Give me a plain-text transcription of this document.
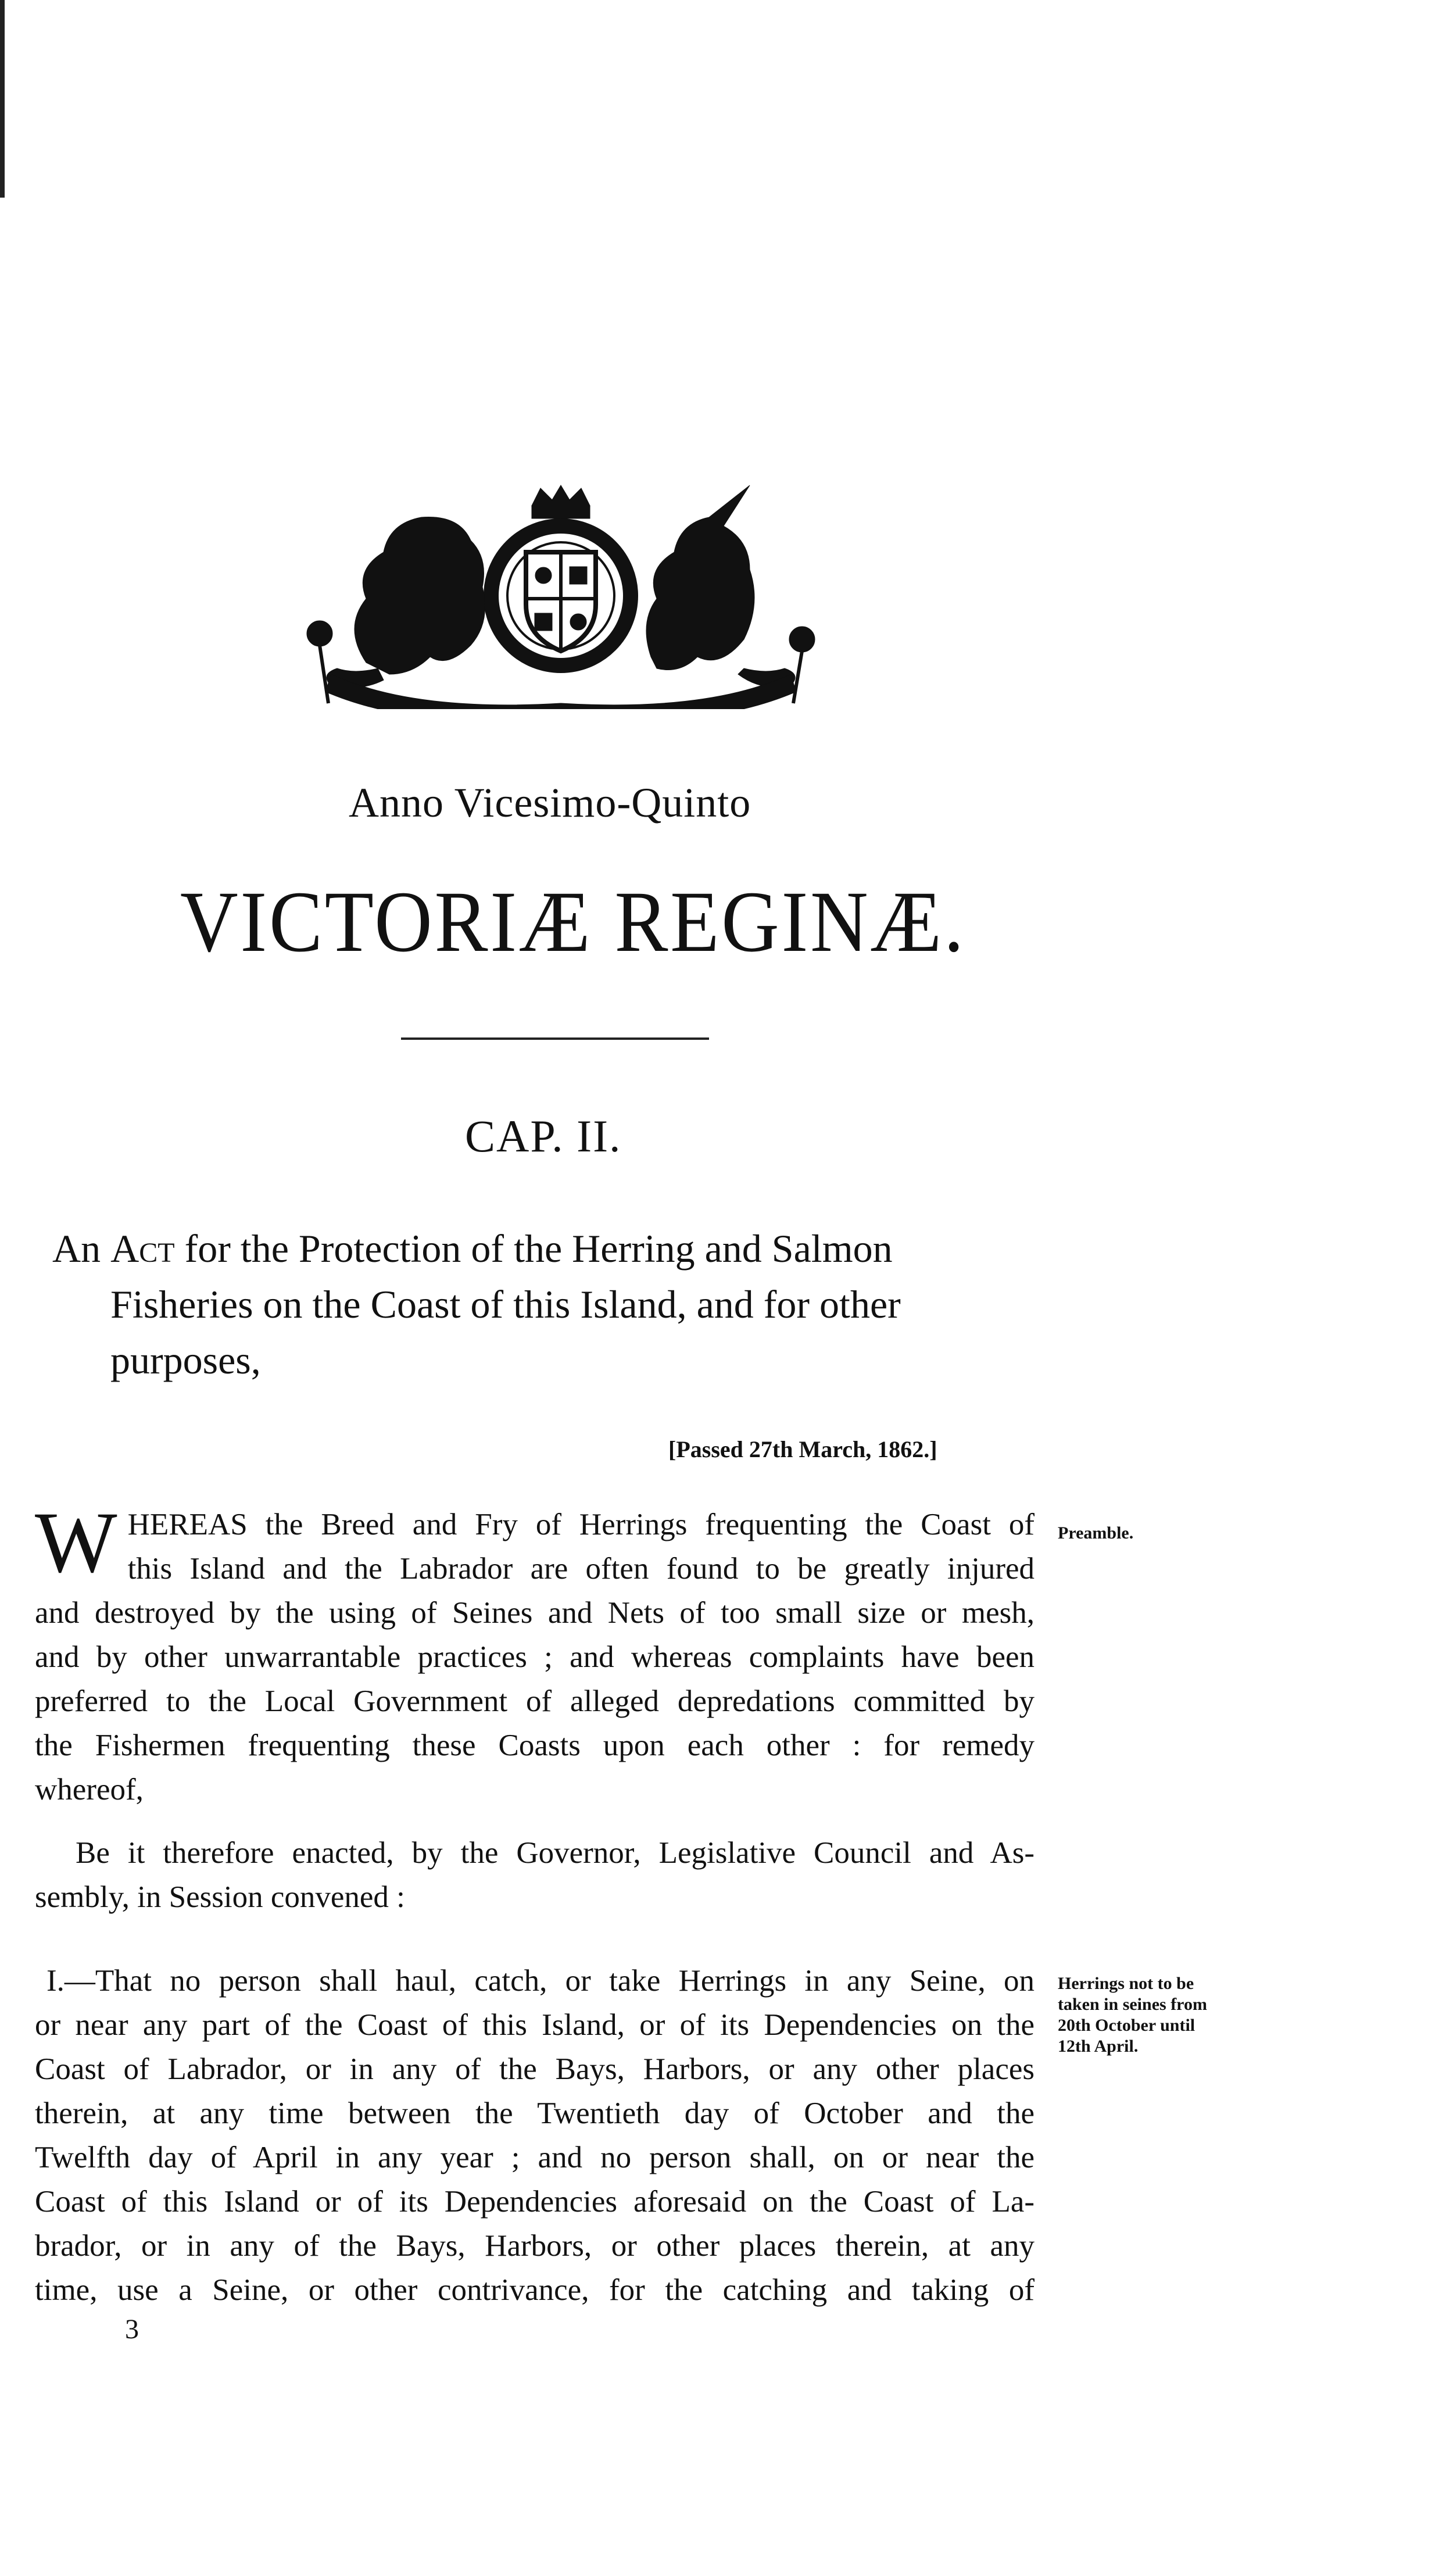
Anno Vicesimo-Quinto
VICTORIÆ REGINÆ.
CAP. II.
An Act for the Protection of the Herring and Salmon
Fisheries on the Coast of this Island, and for other
purposes,
[Passed 27th March, 1862.]
W HEREAS the Breed and Fry of Herrings frequenting the Coast of
this Island and the Labrador are often found to be greatly injured
and destroyed by the using of Seines and Nets of too small size or mesh,
and by other unwarrantable practices ; and whereas complaints have been
preferred to the Local Government of alleged depredations committed by
the Fishermen frequenting these Coasts upon each other : for remedy
whereof,
Preamble.
Be it therefore enacted, by the Governor, Legislative Council and As-
sembly, in Session convened :
I.—That no person shall haul, catch, or take Herrings in any Seine, on
or near any part of the Coast of this Island, or of its Dependencies on the
Coast of Labrador, or in any of the Bays, Harbors, or any other places
therein, at any time between the Twentieth day of October and the
Twelfth day of April in any year ; and no person shall, on or near the
Coast of this Island or of its Dependencies aforesaid on the Coast of La-
brador, or in any of the Bays, Harbors, or other places therein, at any
time, use a Seine, or other contrivance, for the catching and taking of
Herrings not to be
taken in seines from
20th October until
12th April.
3
